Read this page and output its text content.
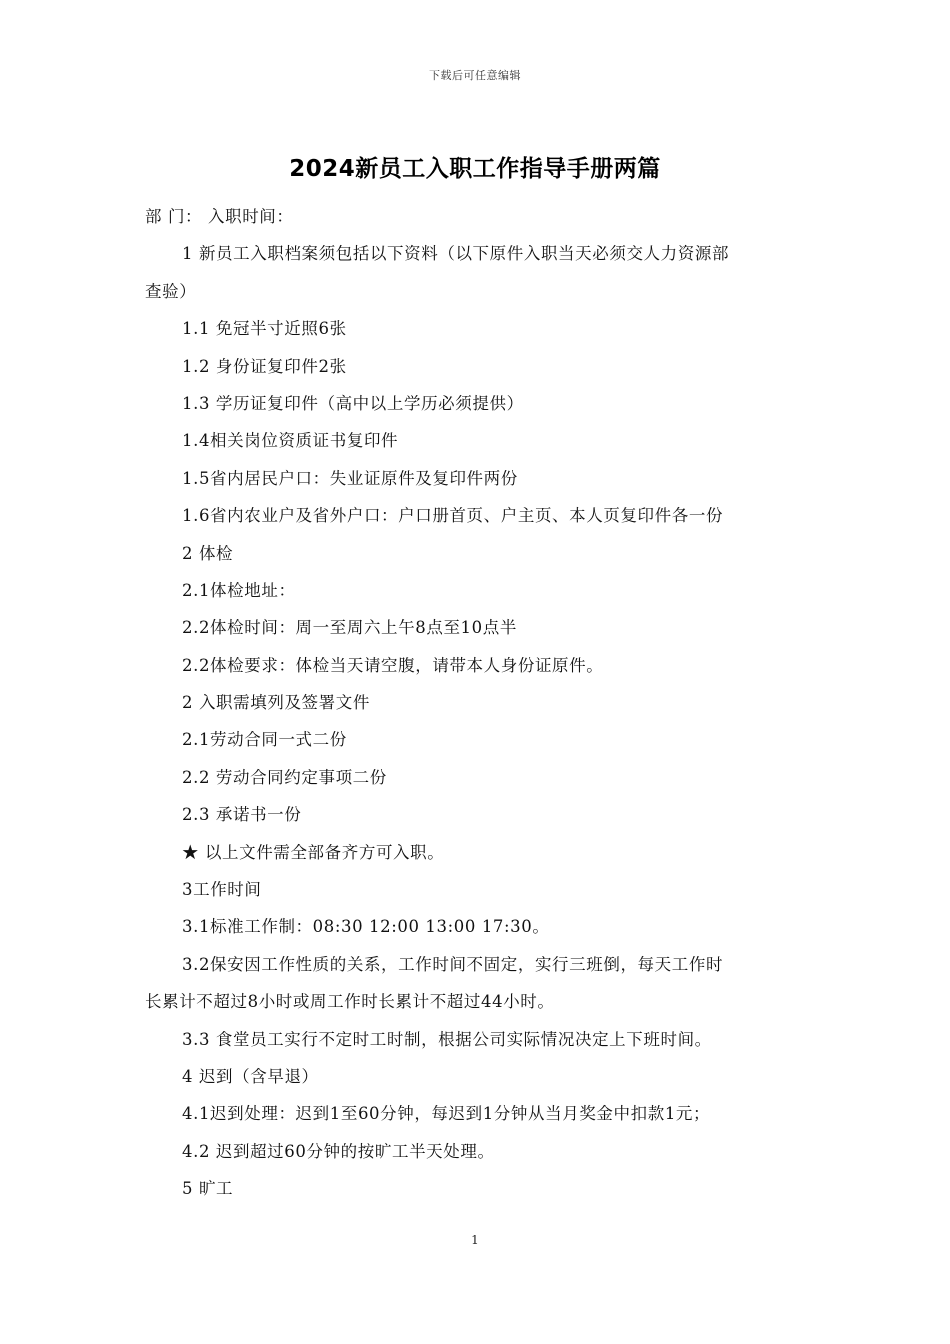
下载后可任意编辑
2024新员工入职工作指导手册两篇
部 门： 入职时间：
1 新员工入职档案须包括以下资料（以下原件入职当天必须交人力资源部
查验）
1.1 免冠半寸近照6张
1.2 身份证复印件2张
1.3 学历证复印件（高中以上学历必须提供）
1.4相关岗位资质证书复印件
1.5省内居民户口：失业证原件及复印件两份
1.6省内农业户及省外户口：户口册首页、户主页、本人页复印件各一份
2 体检
2.1体检地址：
2.2体检时间：周一至周六上午8点至10点半
2.2体检要求：体检当天请空腹，请带本人身份证原件。
2 入职需填列及签署文件
2.1劳动合同一式二份
2.2 劳动合同约定事项二份
2.3 承诺书一份
★ 以上文件需全部备齐方可入职。
3工作时间
3.1标准工作制：08:30 12:00 13:00 17:30。
3.2保安因工作性质的关系，工作时间不固定，实行三班倒，每天工作时
长累计不超过8小时或周工作时长累计不超过44小时。
3.3 食堂员工实行不定时工时制，根据公司实际情况决定上下班时间。
4 迟到（含早退）
4.1迟到处理：迟到1至60分钟，每迟到1分钟从当月奖金中扣款1元；
4.2 迟到超过60分钟的按旷工半天处理。
5 旷工
1
